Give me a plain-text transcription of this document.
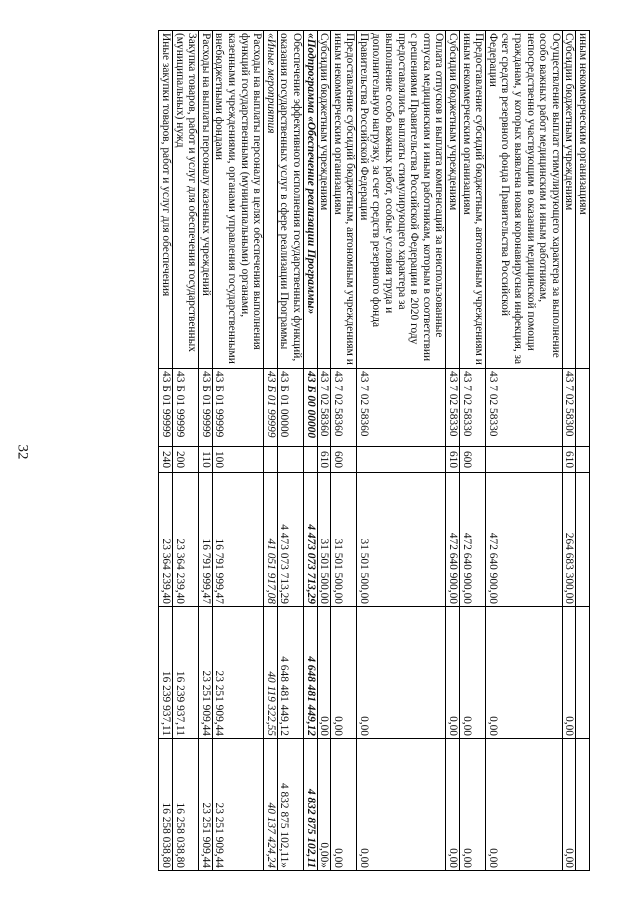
32
иным некоммерческим организациям					
Субсидии бюджетным учреждениям	43 7 02 58300	610	264 683 300,00	0,00	0,00
Осуществление выплат стимулирующего характера за выполнение особо важных работ медицинским и иным работникам, непосредственно участвующим в оказании медицинской помощи гражданам, у которых выявлена новая коронавирусная инфекция, за счет средств резервного фонда Правительства Российской Федерации	43 7 02 58330		472 640 900,00	0,00	0,00
Предоставление субсидий бюджетным, автономным учреждениям и иным некоммерческим организациям	43 7 02 58330	600	472 640 900,00	0,00	0,00
Субсидии бюджетным учреждениям	43 7 02 58330	610	472 640 900,00	0,00	0,00
Оплата отпусков и выплата компенсаций за неиспользованные отпуска медицинским и иным работникам, которым в соответствии с решениями Правительства Российской Федерации в 2020 году предоставлялись выплаты стимулирующего характера за выполнение особо важных работ, особые условия труда и дополнительную нагрузку, за счет средств резервного фонда Правительства Российской Федерации	43 7 02 58360		31 501 500,00	0,00	0,00
Предоставление субсидий бюджетным, автономным учреждениям и иным некоммерческим организациям	43 7 02 58360	600	31 501 500,00	0,00	0,00
Субсидии бюджетным учреждениям	43 7 02 58360	610	31 501 500,00	0,00	0,00»
«Подпрограмма «Обеспечение реализации Программы»	43 Б 00 00000		4 473 073 713,29	4 648 481 449,12	4 832 875 102,11
Обеспечение эффективного исполнения государственных функций, оказания государственных услуг в сфере реализации Программы	43 Б 01 00000		4 473 073 713,29	4 648 481 449,12	4 832 875 102,11»
«Иные мероприятия	43 Б 01 99999		41 051 917,08	40 119 322,55	40 137 424,24
Расходы на выплаты персоналу в целях обеспечения выполнения функций государственными (муниципальными) органами, казенными учреждениями, органами управления государственными внебюджетными фондами	43 Б 01 99999	100	16 791 999,47	23 251 909,44	23 251 909,44
Расходы на выплаты персоналу казенных учреждений	43 Б 01 99999	110	16 791 999,47	23 251 909,44	23 251 909,44
Закупка товаров, работ и услуг для обеспечения государственных (муниципальных) нужд	43 Б 01 99999	200	23 364 239,40	16 239 937,11	16 258 038,80
Иные закупки товаров, работ и услуг для обеспечения	43 Б 01 99999	240	23 364 239,40	16 239 937,11	16 258 038,80
